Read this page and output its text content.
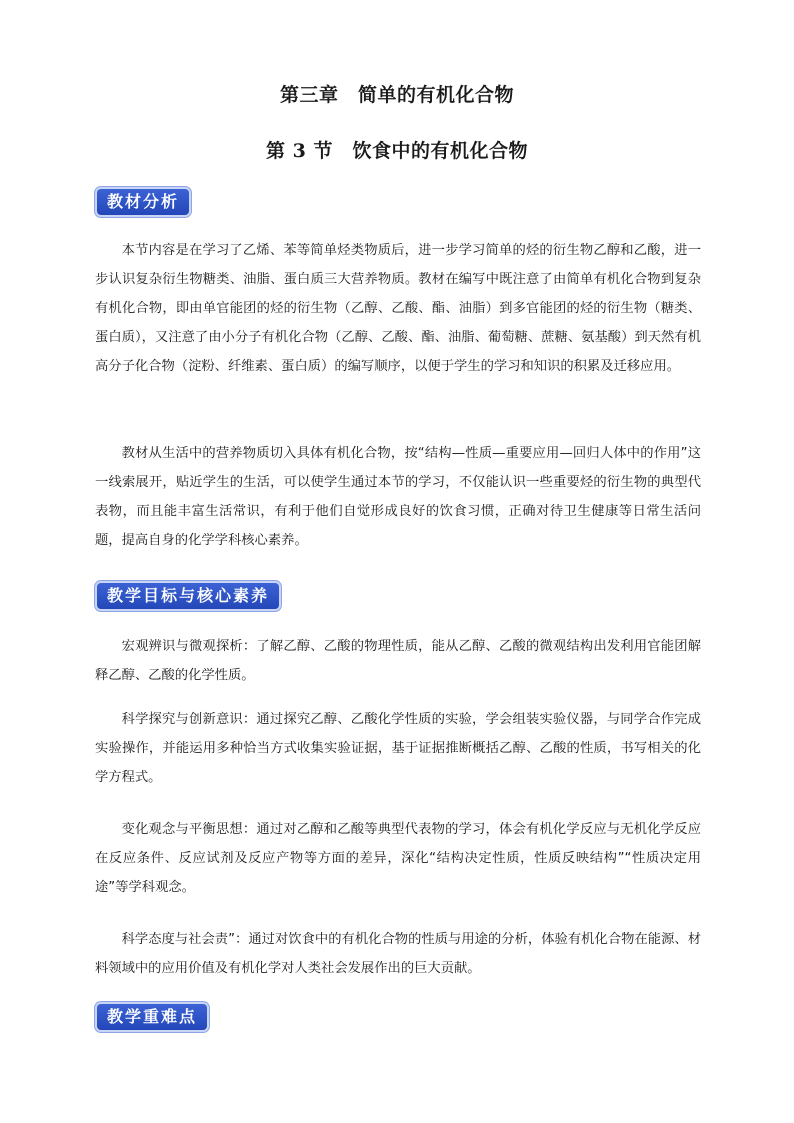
第三章　简单的有机化合物
第 3 节　饮食中的有机化合物
教材分析

本节内容是在学习了乙烯、苯等简单烃类物质后，进一步学习简单的烃的衍生物乙醇和乙酸，进一步认识复杂衍生物糖类、油脂、蛋白质三大营养物质。教材在编写中既注意了由简单有机化合物到复杂有机化合物，即由单官能团的烃的衍生物（乙醇、乙酸、酯、油脂）到多官能团的烃的衍生物（糖类、蛋白质），又注意了由小分子有机化合物（乙醇、乙酸、酯、油脂、葡萄糖、蔗糖、氨基酸）到天然有机高分子化合物（淀粉、纤维素、蛋白质）的编写顺序，以便于学生的学习和知识的积累及迁移应用。

教材从生活中的营养物质切入具体有机化合物，按“结构—性质—重要应用—回归人体中的作用”这一线索展开，贴近学生的生活，可以使学生通过本节的学习，不仅能认识一些重要烃的衍生物的典型代表物，而且能丰富生活常识，有利于他们自觉形成良好的饮食习惯，正确对待卫生健康等日常生活问题，提高自身的化学学科核心素养。

教学目标与核心素养

宏观辨识与微观探析：了解乙醇、乙酸的物理性质，能从乙醇、乙酸的微观结构出发利用官能团解释乙醇、乙酸的化学性质。

科学探究与创新意识：通过探究乙醇、乙酸化学性质的实验，学会组装实验仪器，与同学合作完成实验操作，并能运用多种恰当方式收集实验证据，基于证据推断概括乙醇、乙酸的性质，书写相关的化学方程式。

变化观念与平衡思想：通过对乙醇和乙酸等典型代表物的学习，体会有机化学反应与无机化学反应在反应条件、反应试剂及反应产物等方面的差异，深化“结构决定性质，性质反映结构”“性质决定用途”等学科观念。

科学态度与社会责”：通过对饮食中的有机化合物的性质与用途的分析，体验有机化合物在能源、材料领域中的应用价值及有机化学对人类社会发展作出的巨大贡献。

教学重难点
